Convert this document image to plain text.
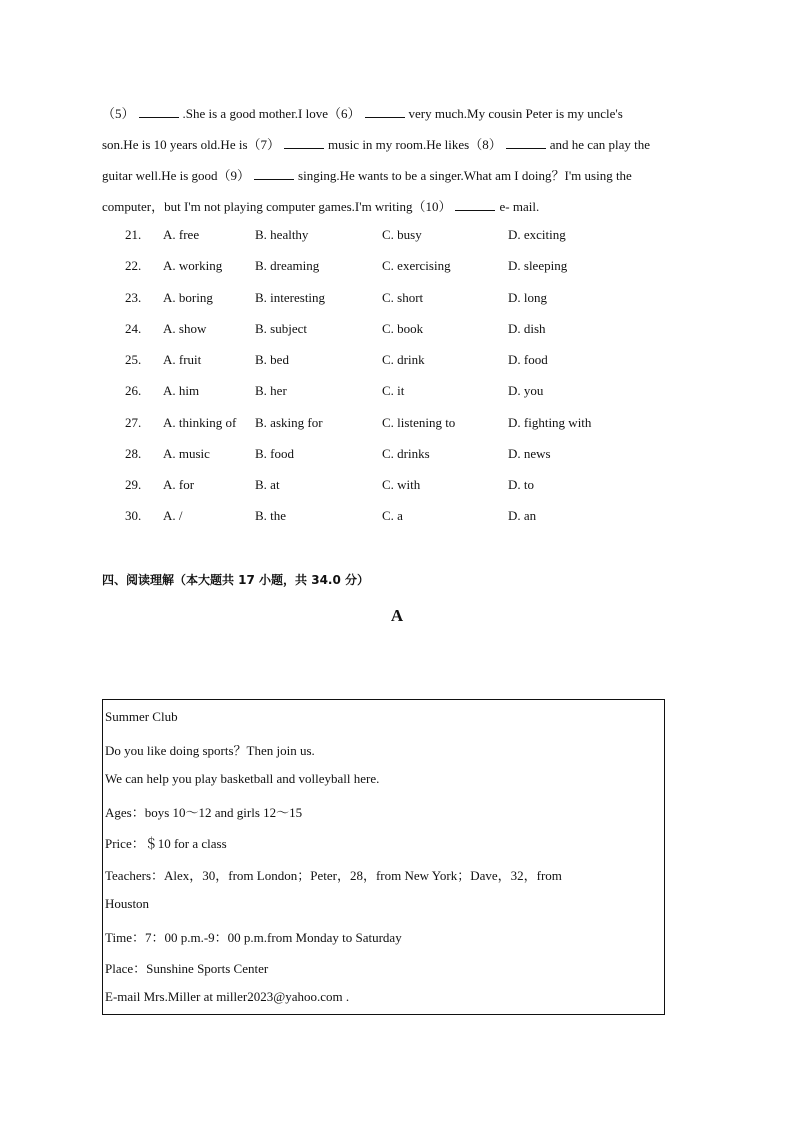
（5）	.She is a good mother.I love（6）	very much.My cousin Peter is my uncle's
son.He is 10 years old.He is（7）	music in my room.He likes（8）	and he can play the
guitar well.He is good（9）	singing.He wants to be a singer.What am I doing？I'm using the
computer，but I'm not playing computer games.I'm writing（10）	e- mail.
21. A. free	B. healthy	C. busy	D. exciting
22. A. working	B. dreaming	C. exercising	D. sleeping
23. A. boring	B. interesting	C. short	D. long
24. A. show	B. subject	C. book	D. dish
25. A. fruit	B. bed	C. drink	D. food
26. A. him	B. her	C. it	D. you
27. A. thinking of B. asking for	C. listening to	D. fighting with
28. A. music	B. food	C. drinks	D. news
29. A. for	B. at	C. with	D. to
30. A. /	B. the	C. a	D. an
四、阅读理解（本大题共 17 小题，共 34.0 分）
A
Summer Club
Do you like doing sports？Then join us.
We can help you play basketball and volleyball here.
Ages：boys 10～12 and girls 12～15
Price：＄10 for a class
Teachers：Alex，30，from London；Peter，28，from New York；Dave，32，from
Houston
Time：7：00 p.m.-9：00 p.m.from Monday to Saturday
Place：Sunshine Sports Center
E-mail Mrs.Miller at miller2023@yahoo.com .
